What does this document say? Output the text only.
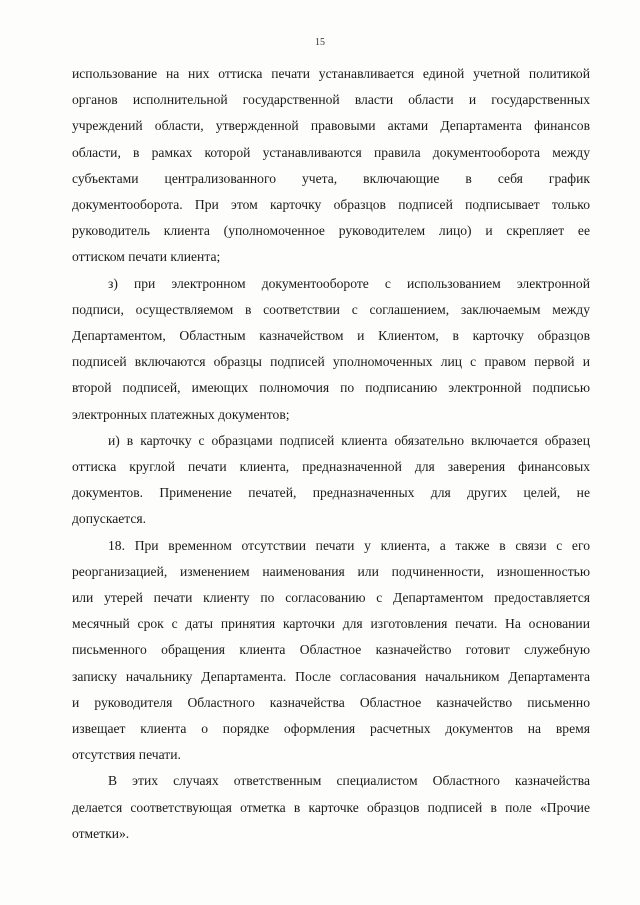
15

использование на них оттиска печати устанавливается единой учетной политикой
органов исполнительной государственной власти области и государственных
учреждений области, утвержденной правовыми актами Департамента финансов
области, в рамках которой устанавливаются правила документооборота между
субъектами централизованного учета, включающие в себя график
документооборота. При этом карточку образцов подписей подписывает только
руководитель клиента (уполномоченное руководителем лицо) и скрепляет ее
оттиском печати клиента;

з) при электронном документообороте с использованием электронной
подписи, осуществляемом в соответствии с соглашением, заключаемым между
Департаментом, Областным казначейством и Клиентом, в карточку образцов
подписей включаются образцы подписей уполномоченных лиц с правом первой и
второй подписей, имеющих полномочия по подписанию электронной подписью
электронных платежных документов;

и) в карточку с образцами подписей клиента обязательно включается образец
оттиска круглой печати клиента, предназначенной для заверения финансовых
документов. Применение печатей, предназначенных для других целей, не
допускается.

18. При временном отсутствии печати у клиента, а также в связи с его
реорганизацией, изменением наименования или подчиненности, изношенностью
или утерей печати клиенту по согласованию с Департаментом предоставляется
месячный срок с даты принятия карточки для изготовления печати. На основании
письменного обращения клиента Областное казначейство готовит служебную
записку начальнику Департамента. После согласования начальником Департамента
и руководителя Областного казначейства Областное казначейство письменно
извещает клиента о порядке оформления расчетных документов на время
отсутствия печати.

В этих случаях ответственным специалистом Областного казначейства
делается соответствующая отметка в карточке образцов подписей в поле «Прочие
отметки».
